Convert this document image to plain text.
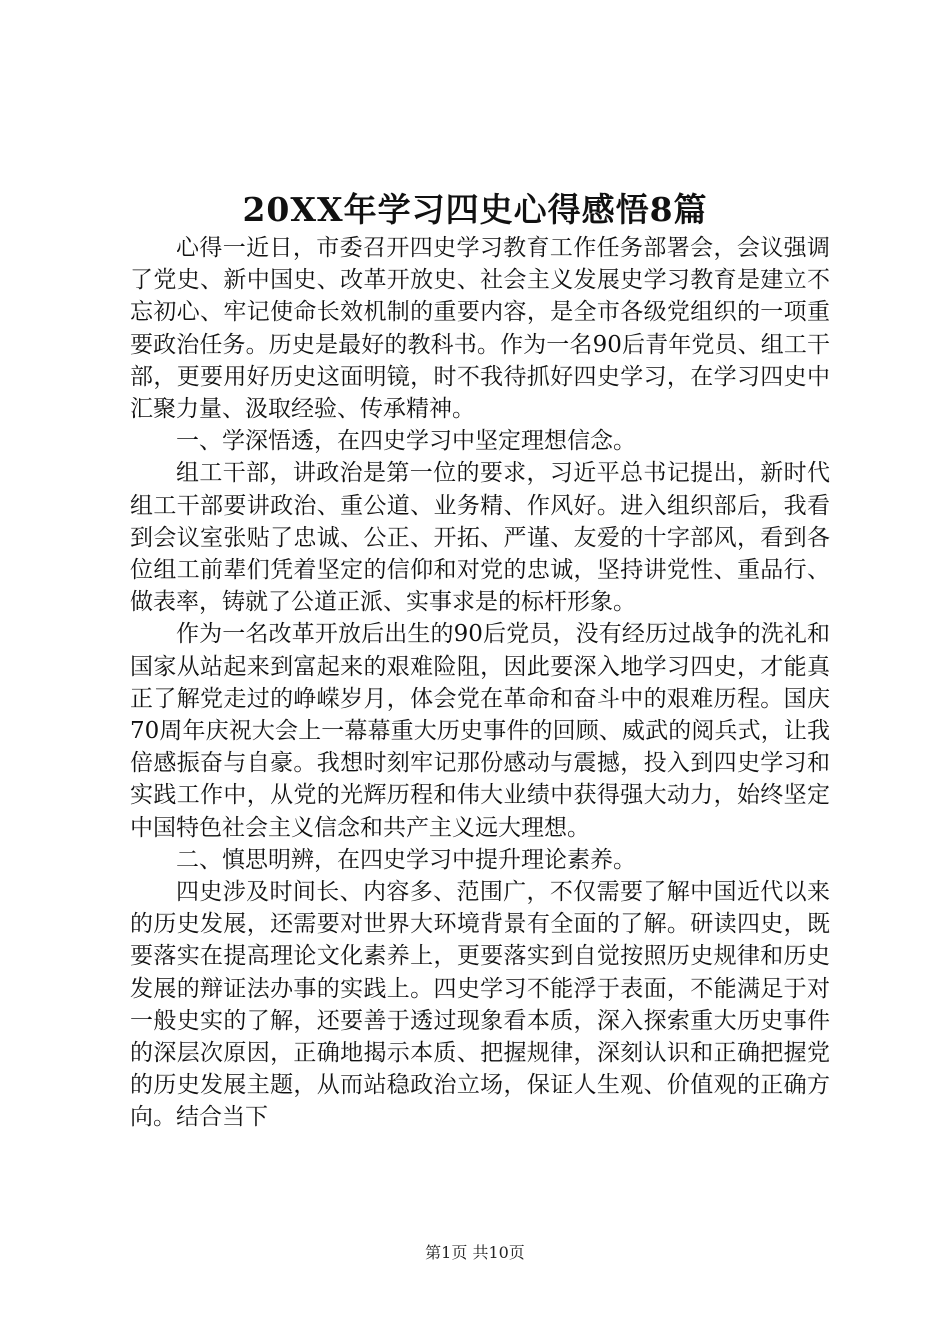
20XX年学习四史心得感悟8篇

心得一近日，市委召开四史学习教育工作任务部署会，会议强调了党史、新中国史、改革开放史、社会主义发展史学习教育是建立不忘初心、牢记使命长效机制的重要内容，是全市各级党组织的一项重要政治任务。历史是最好的教科书。作为一名90后青年党员、组工干部，更要用好历史这面明镜，时不我待抓好四史学习，在学习四史中汇聚力量、汲取经验、传承精神。

一、学深悟透，在四史学习中坚定理想信念。

组工干部，讲政治是第一位的要求，习近平总书记提出，新时代组工干部要讲政治、重公道、业务精、作风好。进入组织部后，我看到会议室张贴了忠诚、公正、开拓、严谨、友爱的十字部风，看到各位组工前辈们凭着坚定的信仰和对党的忠诚，坚持讲党性、重品行、做表率，铸就了公道正派、实事求是的标杆形象。

作为一名改革开放后出生的90后党员，没有经历过战争的洗礼和国家从站起来到富起来的艰难险阻，因此要深入地学习四史，才能真正了解党走过的峥嵘岁月，体会党在革命和奋斗中的艰难历程。国庆70周年庆祝大会上一幕幕重大历史事件的回顾、威武的阅兵式，让我倍感振奋与自豪。我想时刻牢记那份感动与震撼，投入到四史学习和实践工作中，从党的光辉历程和伟大业绩中获得强大动力，始终坚定中国特色社会主义信念和共产主义远大理想。

二、慎思明辨，在四史学习中提升理论素养。

四史涉及时间长、内容多、范围广，不仅需要了解中国近代以来的历史发展，还需要对世界大环境背景有全面的了解。研读四史，既要落实在提高理论文化素养上，更要落实到自觉按照历史规律和历史发展的辩证法办事的实践上。四史学习不能浮于表面，不能满足于对一般史实的了解，还要善于透过现象看本质，深入探索重大历史事件的深层次原因，正确地揭示本质、把握规律，深刻认识和正确把握党的历史发展主题，从而站稳政治立场，保证人生观、价值观的正确方向。结合当下

第1页 共10页
